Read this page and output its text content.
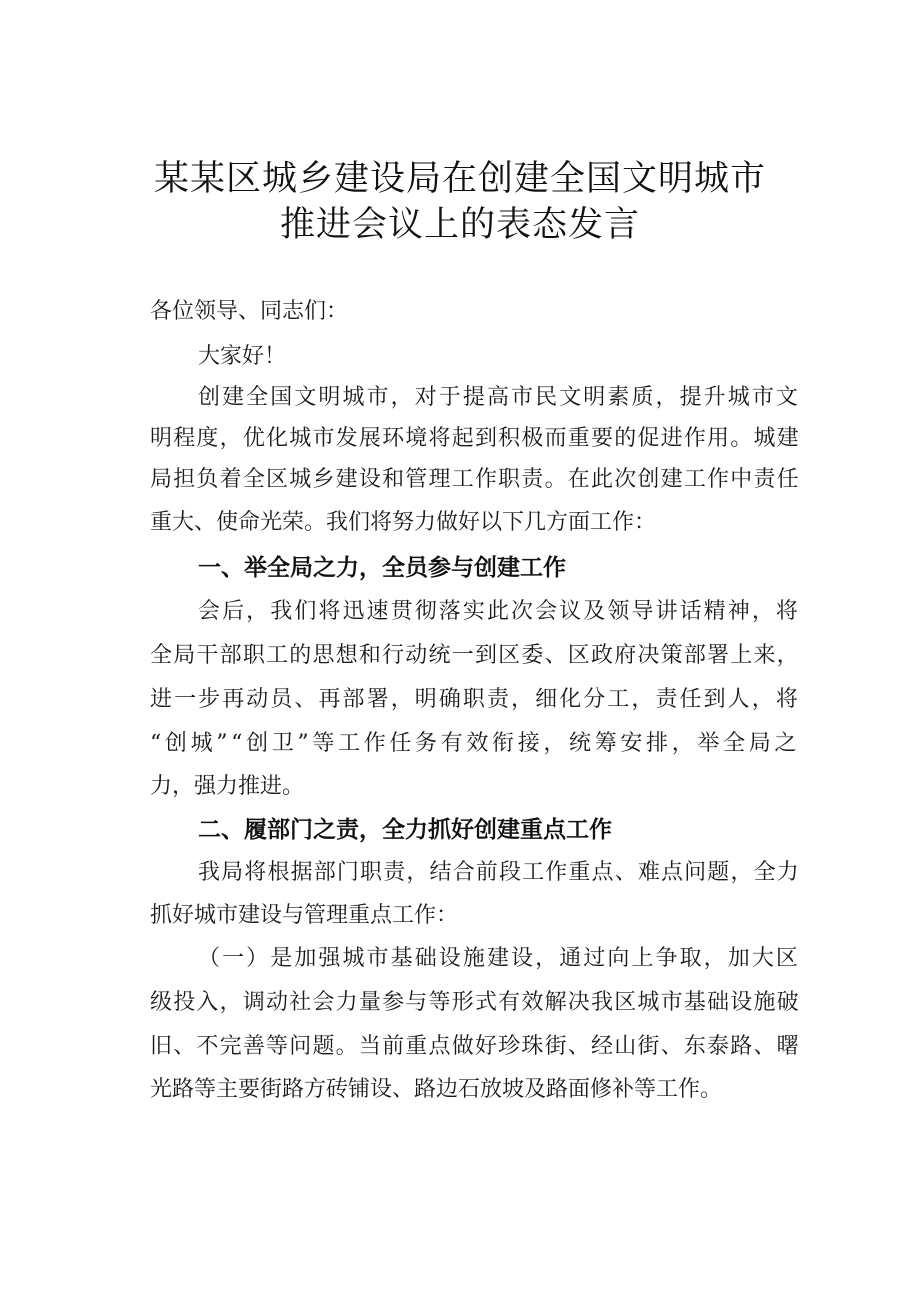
某某区城乡建设局在创建全国文明城市
推进会议上的表态发言
各位领导、同志们：
大家好！
创建全国文明城市，对于提高市民文明素质，提升城市文
明程度，优化城市发展环境将起到积极而重要的促进作用。城建
局担负着全区城乡建设和管理工作职责。在此次创建工作中责任
重大、使命光荣。我们将努力做好以下几方面工作：
一、举全局之力，全员参与创建工作
会后，我们将迅速贯彻落实此次会议及领导讲话精神，将
全局干部职工的思想和行动统一到区委、区政府决策部署上来，
进一步再动员、再部署，明确职责，细化分工，责任到人，将
“创城”“创卫”等工作任务有效衔接，统筹安排，举全局之
力，强力推进。
二、履部门之责，全力抓好创建重点工作
我局将根据部门职责，结合前段工作重点、难点问题，全力
抓好城市建设与管理重点工作：
（一）是加强城市基础设施建设，通过向上争取，加大区
级投入，调动社会力量参与等形式有效解决我区城市基础设施破
旧、不完善等问题。当前重点做好珍珠街、经山街、东泰路、曙
光路等主要街路方砖铺设、路边石放坡及路面修补等工作。
